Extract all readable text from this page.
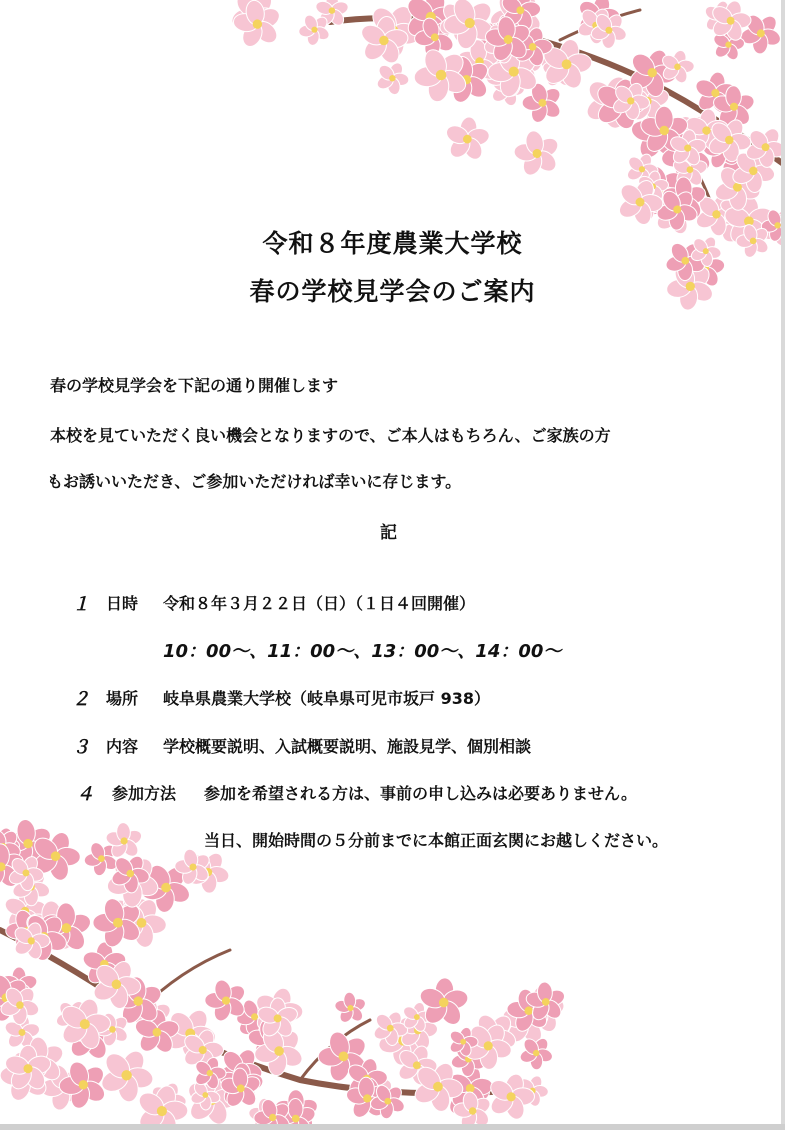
令和８年度農業大学校
春の学校見学会のご案内
春の学校見学会を下記の通り開催します
本校を見ていただく良い機会となりますので、ご本人はもちろん、ご家族の方
もお誘いいただき、ご参加いただければ幸いに存じます。
記
１ 日時 令和８年３月２２日（日）（１日４回開催）
10：00～、11：00～、13：00～、14：00～
２ 場所 岐阜県農業大学校（岐阜県可児市坂戸 938）
３ 内容 学校概要説明、入試概要説明、施設見学、個別相談
４ 参加方法 参加を希望される方は、事前の申し込みは必要ありません。
当日、開始時間の５分前までに本館正面玄関にお越しください。
